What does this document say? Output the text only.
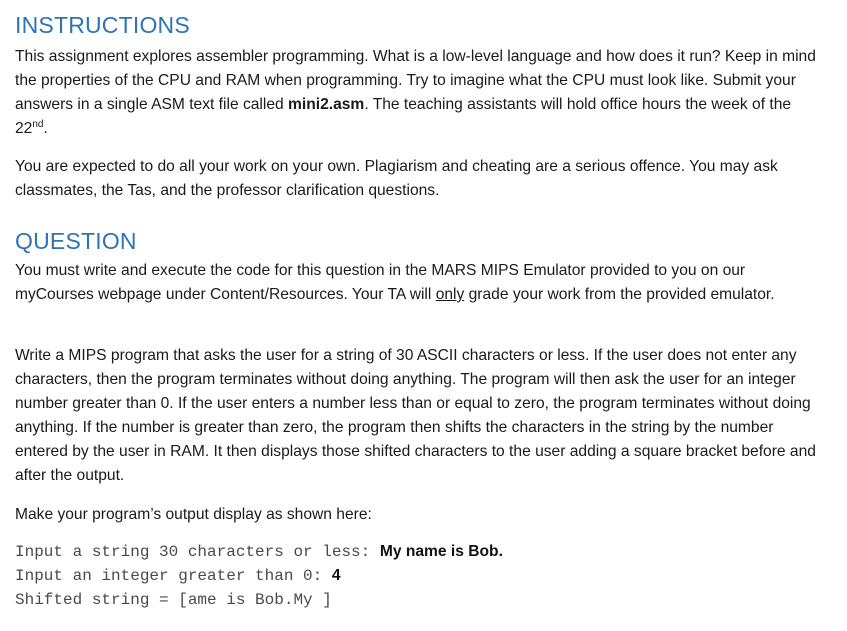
INSTRUCTIONS

This assignment explores assembler programming. What is a low-level language and how does it run? Keep in mind the properties of the CPU and RAM when programming. Try to imagine what the CPU must look like. Submit your answers in a single ASM text file called mini2.asm. The teaching assistants will hold office hours the week of the 22nd.

You are expected to do all your work on your own. Plagiarism and cheating are a serious offence. You may ask classmates, the Tas, and the professor clarification questions.

QUESTION

You must write and execute the code for this question in the MARS MIPS Emulator provided to you on our myCourses webpage under Content/Resources. Your TA will only grade your work from the provided emulator.

Write a MIPS program that asks the user for a string of 30 ASCII characters or less. If the user does not enter any characters, then the program terminates without doing anything. The program will then ask the user for an integer number greater than 0. If the user enters a number less than or equal to zero, the program terminates without doing anything. If the number is greater than zero, the program then shifts the characters in the string by the number entered by the user in RAM. It then displays those shifted characters to the user adding a square bracket before and after the output.

Make your program’s output display as shown here:

Input a string 30 characters or less: My name is Bob.
Input an integer greater than 0: 4
Shifted string = [ame is Bob.My ]
